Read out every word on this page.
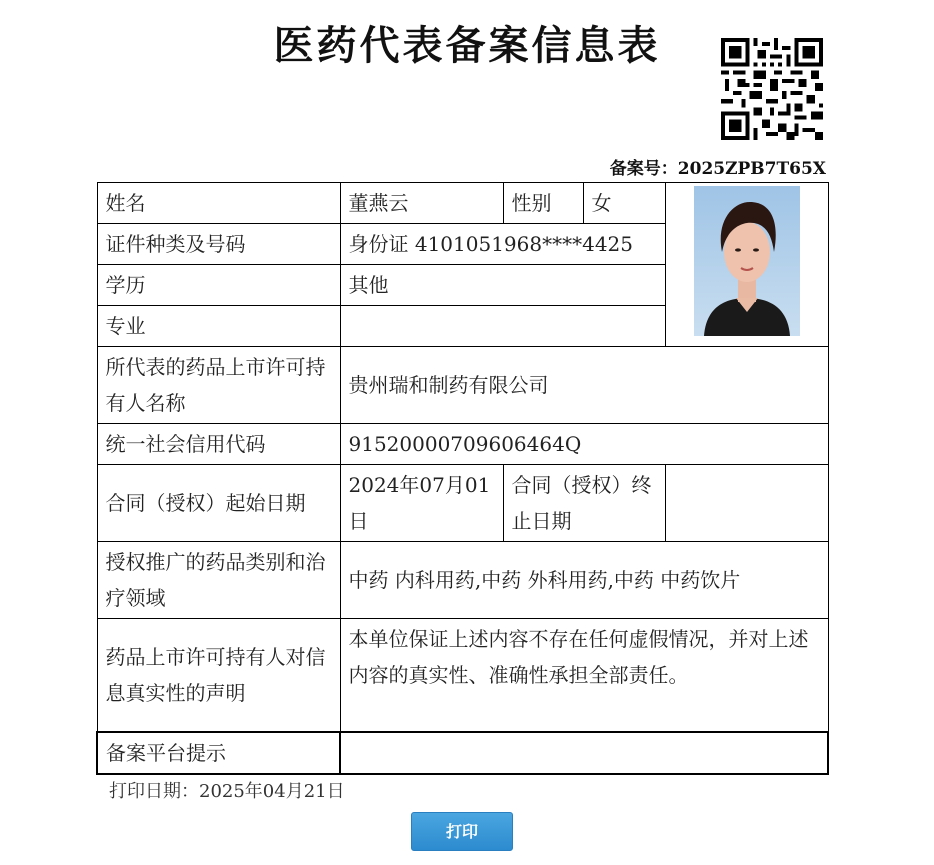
医药代表备案信息表
备案号：2025ZPB7T65X
姓名	董燕云	性别	女	

证件种类及号码	身份证 4101051968****4425			
学历	其他			
专业				
所代表的药品上市许可持有人名称	贵州瑞和制药有限公司			
统一社会信用代码	91520000709606464Q			
合同（授权）起始日期	2024年07月01日	合同（授权）终止日期		
授权推广的药品类别和治疗领域	中药 内科用药,中药 外科用药,中药 中药饮片			
药品上市许可持有人对信息真实性的声明	本单位保证上述内容不存在任何虚假情况，并对上述内容的真实性、准确性承担全部责任。			
备案平台提示				
打印日期：2025年04月21日
打印
